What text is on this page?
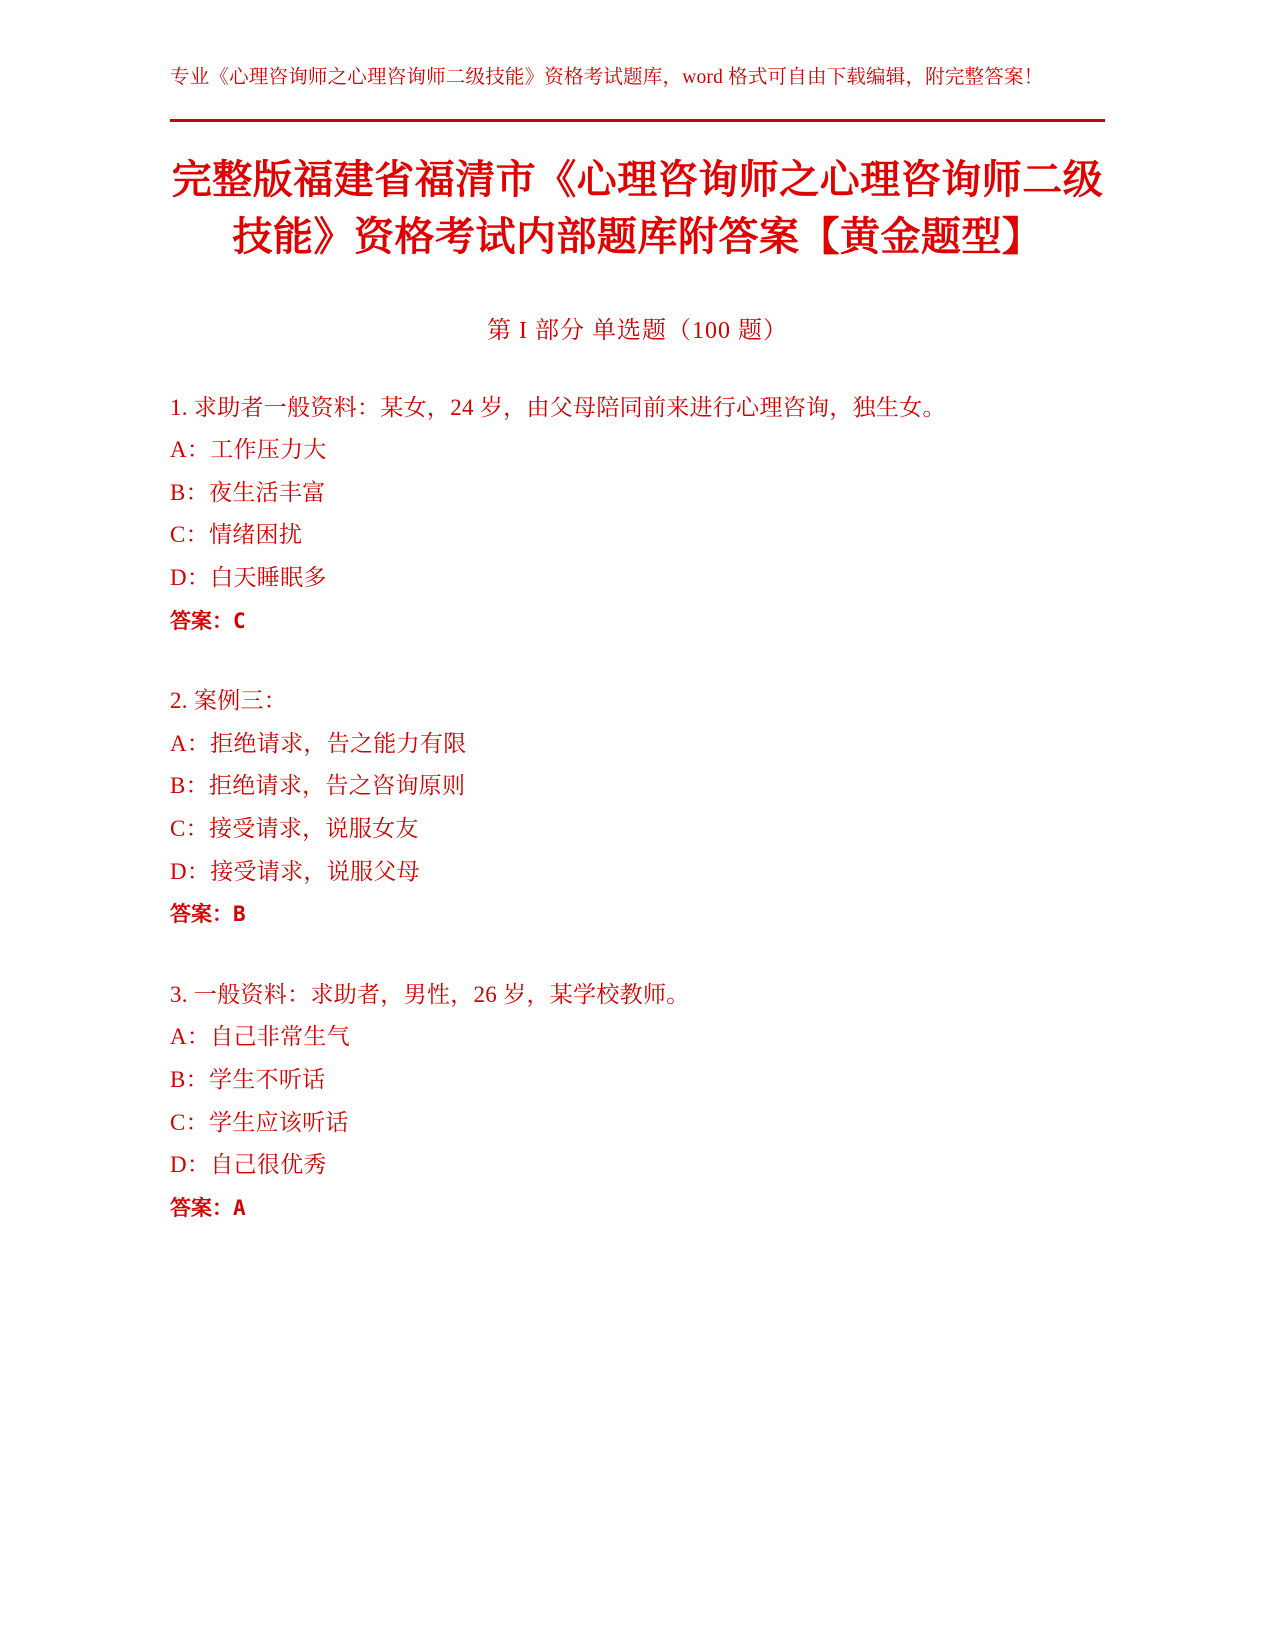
专业《心理咨询师之心理咨询师二级技能》资格考试题库，word 格式可自由下载编辑，附完整答案！
完整版福建省福清市《心理咨询师之心理咨询师二级技能》资格考试内部题库附答案【黄金题型】
第 I 部分 单选题（100 题）
1. 求助者一般资料：某女，24 岁，由父母陪同前来进行心理咨询，独生女。
A：工作压力大
B：夜生活丰富
C：情绪困扰
D：白天睡眠多
答案：C
2. 案例三：
A：拒绝请求，告之能力有限
B：拒绝请求，告之咨询原则
C：接受请求，说服女友
D：接受请求，说服父母
答案：B
3. 一般资料：求助者，男性，26 岁，某学校教师。
A：自己非常生气
B：学生不听话
C：学生应该听话
D：自己很优秀
答案：A
